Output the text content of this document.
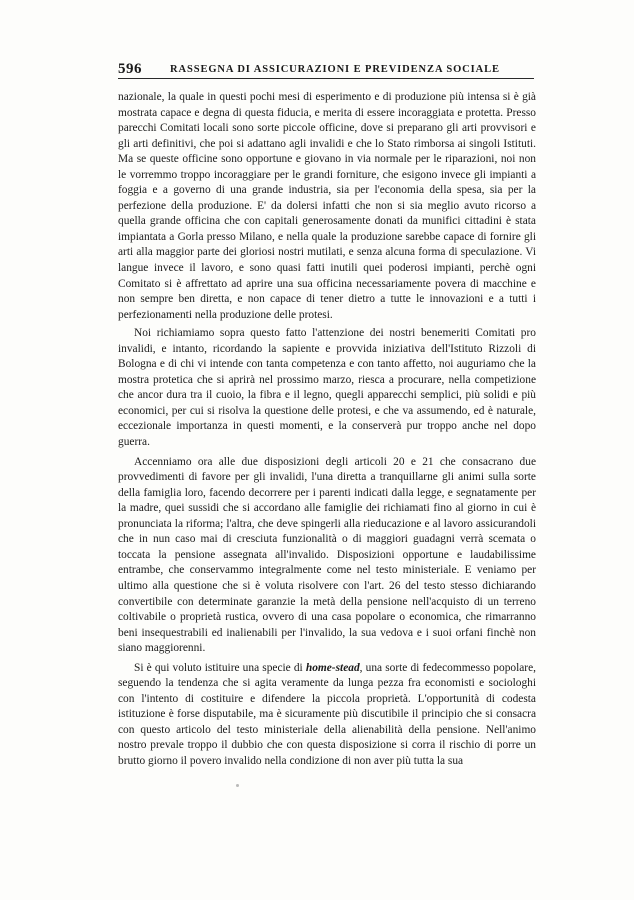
596	RASSEGNA DI ASSICURAZIONI E PREVIDENZA SOCIALE

nazionale, la quale in questi pochi mesi di esperimento e di produzione più intensa si è già mostrata capace e degna di questa fiducia, e merita di essere incoraggiata e protetta. Presso parecchi Comitati locali sono sorte piccole officine, dove si preparano gli arti provvisori e gli arti definitivi, che poi si adattano agli invalidi e che lo Stato rimborsa ai singoli Istituti. Ma se queste officine sono opportune e giovano in via normale per le riparazioni, noi non le vorremmo troppo incoraggiare per le grandi forniture, che esigono invece gli impianti a foggia e a governo di una grande industria, sia per l'economia della spesa, sia per la perfezione della produzione. E' da dolersi infatti che non si sia meglio avuto ricorso a quella grande officina che con capitali generosamente donati da munifici cittadini è stata impiantata a Gorla presso Milano, e nella quale la produzione sarebbe capace di fornire gli arti alla maggior parte dei gloriosi nostri mutilati, e senza alcuna forma di speculazione. Vi langue invece il lavoro, e sono quasi fatti inutili quei poderosi impianti, perchè ogni Comitato si è affrettato ad aprire una sua officina necessariamente povera di macchine e non sempre ben diretta, e non capace di tener dietro a tutte le innovazioni e a tutti i perfezionamenti nella produzione delle protesi.

Noi richiamiamo sopra questo fatto l'attenzione dei nostri benemeriti Comitati pro invalidi, e intanto, ricordando la sapiente e provvida iniziativa dell'Istituto Rizzoli di Bologna e di chi vi intende con tanta competenza e con tanto affetto, noi auguriamo che la mostra protetica che si aprirà nel prossimo marzo, riesca a procurare, nella competizione che ancor dura tra il cuoio, la fibra e il legno, quegli apparecchi semplici, più solidi e più economici, per cui si risolva la questione delle protesi, e che va assumendo, ed è naturale, eccezionale importanza in questi momenti, e la conserverà pur troppo anche nel dopo guerra.

Accenniamo ora alle due disposizioni degli articoli 20 e 21 che consacrano due provvedimenti di favore per gli invalidi, l'una diretta a tranquillarne gli animi sulla sorte della famiglia loro, facendo decorrere per i parenti indicati dalla legge, e segnatamente per la madre, quei sussidi che si accordano alle famiglie dei richiamati fino al giorno in cui è pronunciata la riforma; l'altra, che deve spingerli alla rieducazione e al lavoro assicurandoli che in nun caso mai di cresciuta funzionalità o di maggiori guadagni verrà scemata o toccata la pensione assegnata all'invalido. Disposizioni opportune e laudabilissime entrambe, che conservammo integralmente come nel testo ministeriale. E veniamo per ultimo alla questione che si è voluta risolvere con l'art. 26 del testo stesso dichiarando convertibile con determinate garanzie la metà della pensione nell'acquisto di un terreno coltivabile o proprietà rustica, ovvero di una casa popolare o economica, che rimarranno beni insequestrabili ed inalienabili per l'invalido, la sua vedova e i suoi orfani finchè non siano maggiorenni.

Si è qui voluto istituire una specie di home-stead, una sorte di fedecommesso popolare, seguendo la tendenza che si agita veramente da lunga pezza fra economisti e sociologhi con l'intento di costituire e difendere la piccola proprietà. L'opportunità di codesta istituzione è forse disputabile, ma è sicuramente più discutibile il principio che si consacra con questo articolo del testo ministeriale della alienabilità della pensione. Nell'animo nostro prevale troppo il dubbio che con questa disposizione si corra il rischio di porre un brutto giorno il povero invalido nella condizione di non aver più tutta la sua
